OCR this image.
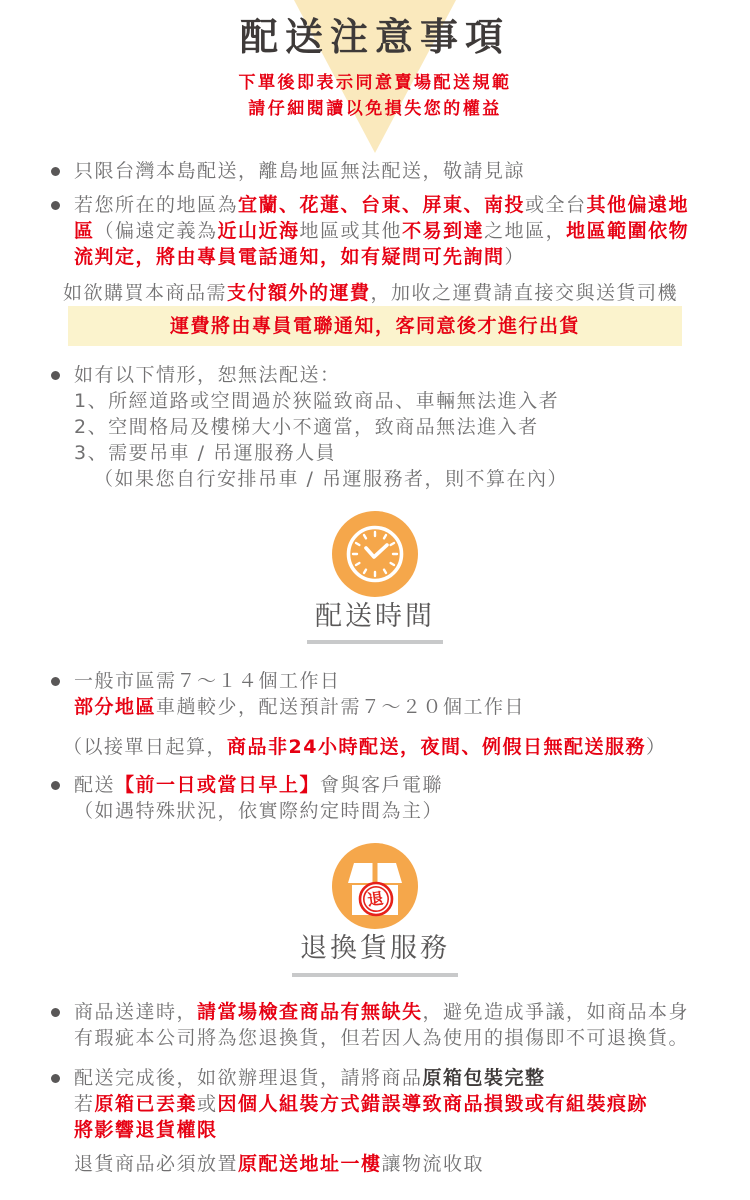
配送注意事項
下單後即表示同意賣場配送規範
請仔細閱讀以免損失您的權益
只限台灣本島配送，離島地區無法配送，敬請見諒
若您所在的地區為宜蘭、花蓮、台東、屏東、南投或全台其他偏遠地區（偏遠定義為近山近海地區或其他不易到達之地區，地區範圍依物流判定，將由專員電話通知，如有疑問可先詢問）
如欲購買本商品需支付額外的運費，加收之運費請直接交與送貨司機
運費將由專員電聯通知，客同意後才進行出貨
如有以下情形，恕無法配送：
1、所經道路或空間過於狹隘致商品、車輛無法進入者
2、空間格局及樓梯大小不適當，致商品無法進入者
3、需要吊車 / 吊運服務人員
（如果您自行安排吊車 / 吊運服務者，則不算在內）
配送時間
一般市區需７～１４個工作日
部分地區車趟較少，配送預計需７～２０個工作日
（以接單日起算，商品非24小時配送，夜間、例假日無配送服務）
配送【前一日或當日早上】會與客戶電聯
（如遇特殊狀況，依實際約定時間為主）
退
退換貨服務
商品送達時，請當場檢查商品有無缺失，避免造成爭議，如商品本身有瑕疵本公司將為您退換貨，但若因人為使用的損傷即不可退換貨。
配送完成後，如欲辦理退貨，請將商品原箱包裝完整
若原箱已丟棄或因個人組裝方式錯誤導致商品損毀或有組裝痕跡
將影響退貨權限
退貨商品必須放置原配送地址一樓讓物流收取
